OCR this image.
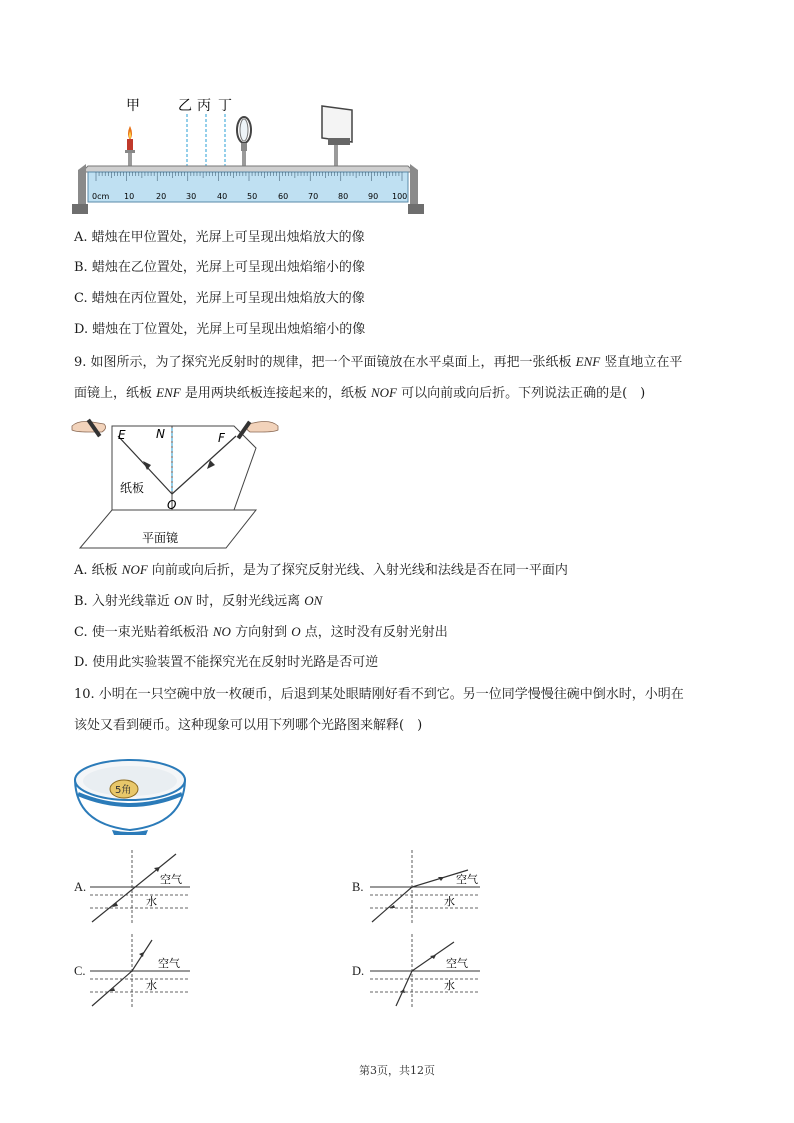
甲	乙 丙 丁
0cm 10	20 30	40 50	60 70 80 90 100
A. 蜡烛在甲位置处，光屏上可呈现出烛焰放大的像
B. 蜡烛在乙位置处，光屏上可呈现出烛焰缩小的像
C. 蜡烛在丙位置处，光屏上可呈现出烛焰放大的像
D. 蜡烛在丁位置处，光屏上可呈现出烛焰缩小的像
9. 如图所示，为了探究光反射时的规律，把一个平面镜放在水平桌面上，再把一张纸板 ENF 竖直地立在平
面镜上，纸板 ENF 是用两块纸板连接起来的，纸板 NOF 可以向前或向后折。下列说法正确的是(　)
平面镜
E	N	F
O
纸板
A. 纸板 NOF 向前或向后折，是为了探究反射光线、入射光线和法线是否在同一平面内
B. 入射光线靠近 ON 时，反射光线远离 ON
C. 使一束光贴着纸板沿 NO 方向射到 O 点，这时没有反射光射出
D. 使用此实验装置不能探究光在反射时光路是否可逆
10. 小明在一只空碗中放一枚硬币，后退到某处眼睛刚好看不到它。另一位同学慢慢往碗中倒水时，小明在
该处又看到硬币。这种现象可以用下列哪个光路图来解释(　)
5角
A.
空气
水
B.
空气
水
C.
空气
水
D.
空气
水
第3页，共12页
